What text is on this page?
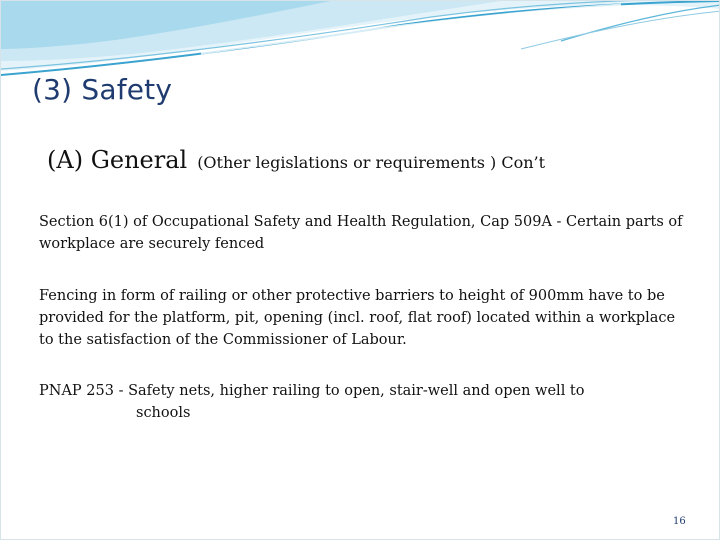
(3) Safety
(A) General (Other legislations or requirements ) Con’t

Section 6(1) of Occupational Safety and Health Regulation, Cap 509A - Certain parts of workplace are securely fenced

Fencing in form of railing or other protective barriers to height of 900mm have to be provided for the platform, pit, opening (incl. roof, flat roof) located within a workplace to the satisfaction of the Commissioner of Labour.

PNAP 253 - Safety nets, higher railing to open, stair-well and open well to
schools

16
